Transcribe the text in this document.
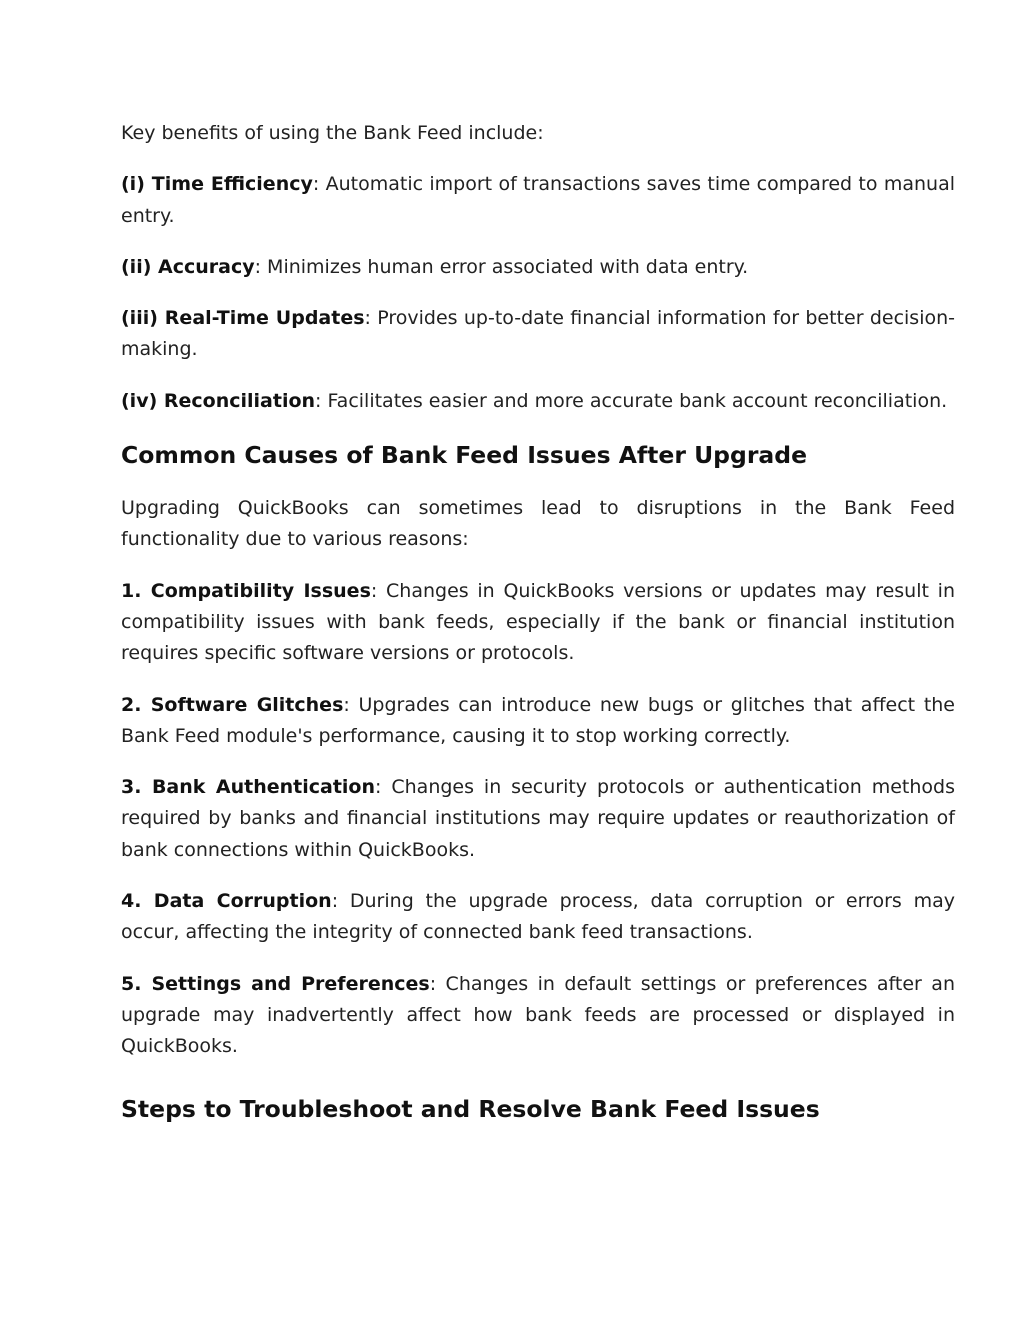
Key benefits of using the Bank Feed include:

(i) Time Efficiency: Automatic import of transactions saves time compared to manual entry.

(ii) Accuracy: Minimizes human error associated with data entry.

(iii) Real-Time Updates: Provides up-to-date financial information for better decision-making.

(iv) Reconciliation: Facilitates easier and more accurate bank account reconciliation.

Common Causes of Bank Feed Issues After Upgrade

Upgrading QuickBooks can sometimes lead to disruptions in the Bank Feed functionality due to various reasons:

1. Compatibility Issues: Changes in QuickBooks versions or updates may result in compatibility issues with bank feeds, especially if the bank or financial institution requires specific software versions or protocols.

2. Software Glitches: Upgrades can introduce new bugs or glitches that affect the Bank Feed module's performance, causing it to stop working correctly.

3. Bank Authentication: Changes in security protocols or authentication methods required by banks and financial institutions may require updates or reauthorization of bank connections within QuickBooks.

4. Data Corruption: During the upgrade process, data corruption or errors may occur, affecting the integrity of connected bank feed transactions.

5. Settings and Preferences: Changes in default settings or preferences after an upgrade may inadvertently affect how bank feeds are processed or displayed in QuickBooks.

Steps to Troubleshoot and Resolve Bank Feed Issues
